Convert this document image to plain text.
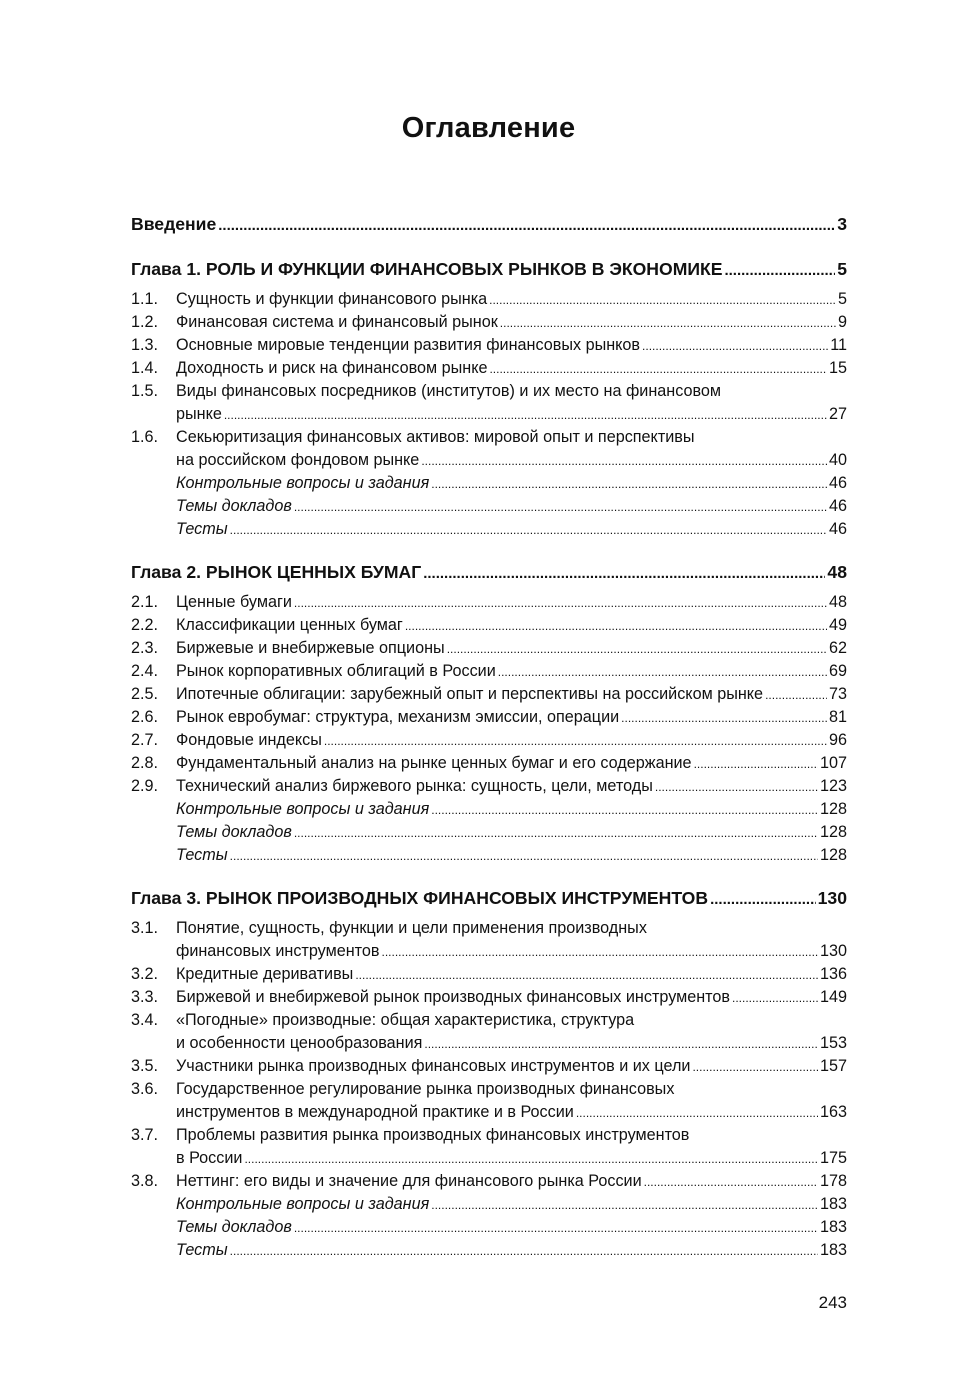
Оглавление
Введение .....	3
Глава 1. РОЛЬ И ФУНКЦИИ ФИНАНСОВЫХ РЫНКОВ В ЭКОНОМИКЕ .....	5
1.1.	Сущность и функции финансового рынка .....	5
1.2.	Финансовая система и финансовый рынок .....	9
1.3.	Основные мировые тенденции развития финансовых рынков .....	11
1.4.	Доходность и риск на финансовом рынке .....	15
1.5.	Виды финансовых посредников (институтов) и их место на финансовом
рынке .....	27
1.6.	Секьюритизация финансовых активов: мировой опыт и перспективы
на российском фондовом рынке .....	40
Контрольные вопросы и задания .....	46
Темы докладов .....	46
Тесты .....	46
Глава 2. РЫНОК ЦЕННЫХ БУМАГ .....	48
2.1.	Ценные бумаги .....	48
2.2.	Классификации ценных бумаг .....	49
2.3.	Биржевые и внебиржевые опционы .....	62
2.4.	Рынок корпоративных облигаций в России .....	69
2.5.	Ипотечные облигации: зарубежный опыт и перспективы на российском рынке .....	73
2.6.	Рынок евробумаг: структура, механизм эмиссии, операции .....	81
2.7.	Фондовые индексы .....	96
2.8.	Фундаментальный анализ на рынке ценных бумаг и его содержание .....	107
2.9.	Технический анализ биржевого рынка: сущность, цели, методы .....	123
Контрольные вопросы и задания .....	128
Темы докладов .....	128
Тесты .....	128
Глава 3. РЫНОК ПРОИЗВОДНЫХ ФИНАНСОВЫХ ИНСТРУМЕНТОВ .....	130
3.1.	Понятие, сущность, функции и цели применения производных
финансовых инструментов .....	130
3.2.	Кредитные деривативы .....	136
3.3.	Биржевой и внебиржевой рынок производных финансовых инструментов .....	149
3.4.	«Погодные» производные: общая характеристика, структура
и особенности ценообразования .....	153
3.5.	Участники рынка производных финансовых инструментов и их цели .....	157
3.6.	Государственное регулирование рынка производных финансовых
инструментов в международной практике и в России .....	163
3.7.	Проблемы развития рынка производных финансовых инструментов
в России .....	175
3.8.	Неттинг: его виды и значение для финансового рынка России .....	178
Контрольные вопросы и задания .....	183
Темы докладов .....	183
Тесты .....	183
243
